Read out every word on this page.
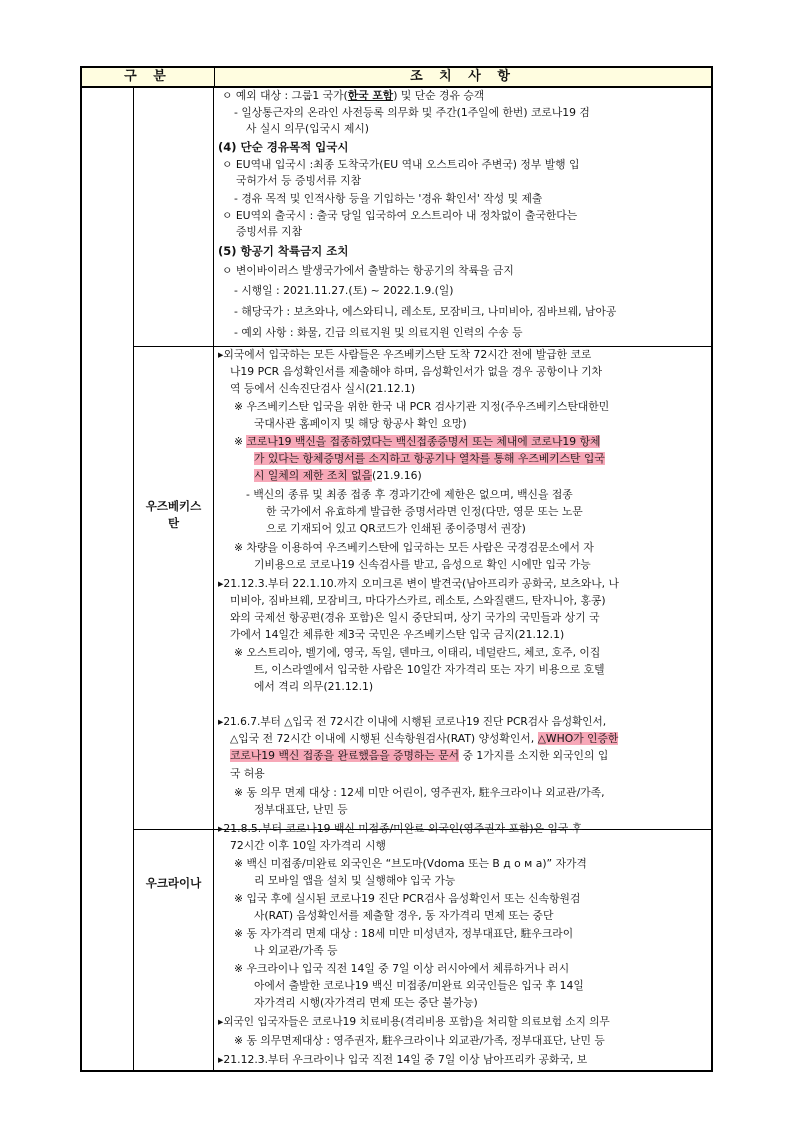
구 분	조 치 사 항
ㅇ 예외 대상 : 그룹1 국가(한국 포함) 및 단순 경유 승객
- 일상통근자의 온라인 사전등록 의무화 및 주간(1주일에 한번) 코로나19 검
사 실시 의무(입국시 제시)
(4) 단순 경유목적 입국시
ㅇ EU역내 입국시 :최종 도착국가(EU 역내 오스트리아 주변국) 정부 발행 입
국허가서 등 증빙서류 지참
- 경유 목적 및 인적사항 등을 기입하는 '경유 확인서' 작성 및 제출
ㅇ EU역외 출국시 : 출국 당일 입국하여 오스트리아 내 정차없이 출국한다는
증빙서류 지참
(5) 항공기 착륙금지 조치
ㅇ 변이바이러스 발생국가에서 출발하는 항공기의 착륙을 금지
- 시행일 : 2021.11.27.(토) ~ 2022.1.9.(일)
- 해당국가 : 보츠와나, 에스와티니, 레소토, 모잠비크, 나미비아, 짐바브웨, 남아공
- 예외 사항 : 화물, 긴급 의료지원 및 의료지원 인력의 수송 등
우즈베키스
탄
▸외국에서 입국하는 모든 사람들은 우즈베키스탄 도착 72시간 전에 발급한 코로
나19 PCR 음성확인서를 제출해야 하며, 음성확인서가 없을 경우 공항이나 기차
역 등에서 신속진단검사 실시(21.12.1)
※ 우즈베키스탄 입국을 위한 한국 내 PCR 검사기관 지정(주우즈베키스탄대한민
국대사관 홈페이지 및 해당 항공사 확인 요망)
※ 코로나19 백신을 접종하였다는 백신접종증명서 또는 체내에 코로나19 항체
가 있다는 항체증명서를 소지하고 항공기나 열차를 통해 우즈베키스탄 입국
시 일체의 제한 조치 없음(21.9.16)
- 백신의 종류 및 최종 접종 후 경과기간에 제한은 없으며, 백신을 접종
한 국가에서 유효하게 발급한 증명서라면 인정(다만, 영문 또는 노문
으로 기재되어 있고 QR코드가 인쇄된 종이증명서 권장)
※ 차량을 이용하여 우즈베키스탄에 입국하는 모든 사람은 국경검문소에서 자
기비용으로 코로나19 신속검사를 받고, 음성으로 확인 시에만 입국 가능
▸21.12.3.부터 22.1.10.까지 오미크론 변이 발견국(남아프리카 공화국, 보츠와나, 나
미비아, 짐바브웨, 모잠비크, 마다가스카르, 레소토, 스와질랜드, 탄자니아, 홍콩)
와의 국제선 항공편(경유 포함)은 일시 중단되며, 상기 국가의 국민들과 상기 국
가에서 14일간 체류한 제3국 국민은 우즈베키스탄 입국 금지(21.12.1)
※ 오스트리아, 벨기에, 영국, 독일, 덴마크, 이태리, 네덜란드, 체코, 호주, 이집
트, 이스라엘에서 입국한 사람은 10일간 자가격리 또는 자기 비용으로 호텔
에서 격리 의무(21.12.1)
우크라이나
▸21.6.7.부터 △입국 전 72시간 이내에 시행된 코로나19 진단 PCR검사 음성확인서,
△입국 전 72시간 이내에 시행된 신속항원검사(RAT) 양성확인서, △WHO가 인증한
코로나19 백신 접종을 완료했음을 증명하는 문서 중 1가지를 소지한 외국인의 입
국 허용
※ 동 의무 면제 대상 : 12세 미만 어린이, 영주권자, 駐우크라이나 외교관/가족,
정부대표단, 난민 등
▸21.8.5.부터 코로나19 백신 미접종/미완료 외국인(영주권자 포함)은 입국 후
72시간 이후 10일 자가격리 시행
※ 백신 미접종/미완료 외국인은 “브도마(Vdoma 또는 В д о м а)” 자가격
리 모바일 앱을 설치 및 실행해야 입국 가능
※ 입국 후에 실시된 코로나19 진단 PCR검사 음성확인서 또는 신속항원검
사(RAT) 음성확인서를 제출할 경우, 동 자가격리 면제 또는 중단
※ 동 자가격리 면제 대상 : 18세 미만 미성년자, 정부대표단, 駐우크라이
나 외교관/가족 등
※ 우크라이나 입국 직전 14일 중 7일 이상 러시아에서 체류하거나 러시
아에서 출발한 코로나19 백신 미접종/미완료 외국인들은 입국 후 14일
자가격리 시행(자가격리 면제 또는 중단 불가능)
▸외국인 입국자들은 코로나19 치료비용(격리비용 포함)을 처리할 의료보험 소지 의무
※ 동 의무면제대상 : 영주권자, 駐우크라이나 외교관/가족, 정부대표단, 난민 등
▸21.12.3.부터 우크라이나 입국 직전 14일 중 7일 이상 남아프리카 공화국, 보
